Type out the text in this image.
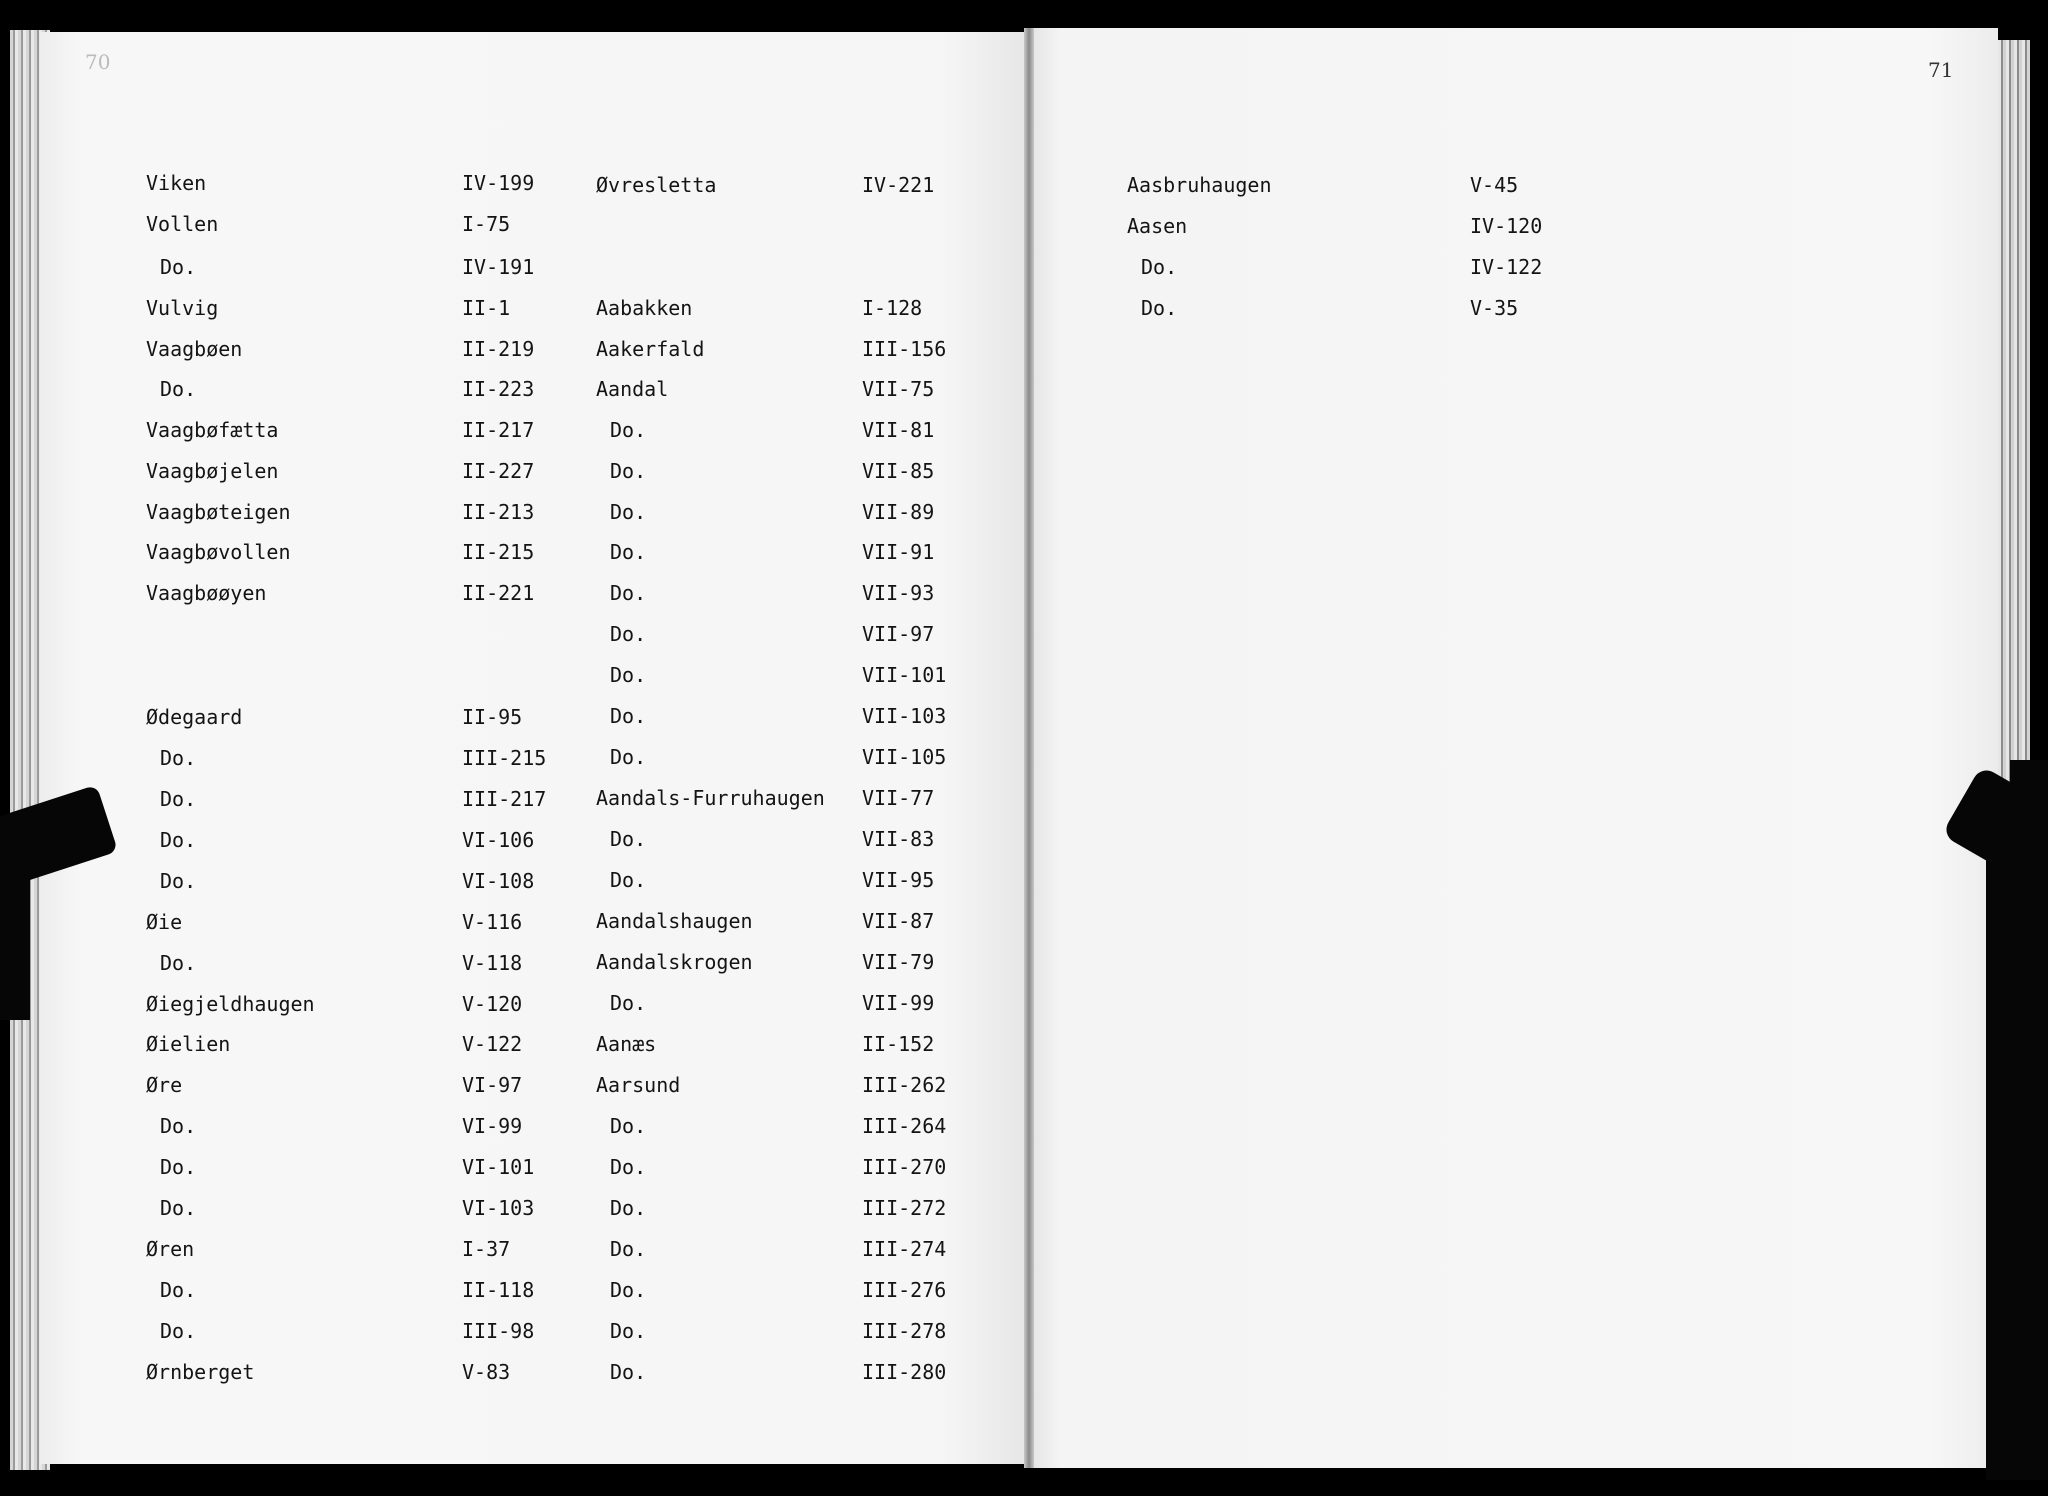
70	71

Viken	IV-199

Vollen	I-75

Do.	IV-191

Vulvig	II-1

Vaagbøen	II-219

Do.	II-223

Vaagbøfætta	II-217

Vaagbøjelen	II-227

Vaagbøteigen	II-213

Vaagbøvollen	II-215

Vaagbøøyen	II-221

Ødegaard	II-95

Do.	III-215

Do.	III-217

Do.	VI-106

Do.	VI-108

Øie	V-116

Do.	V-118

Øiegjeldhaugen	V-120

Øielien	V-122

Øre	VI-97

Do.	VI-99

Do.	VI-101

Do.	VI-103

Øren	I-37

Do.	II-118

Do.	III-98

Ørnberget	V-83

Øvresletta	IV-221

Aabakken	I-128

Aakerfald	III-156

Aandal	VII-75

Do.	VII-81

Do.	VII-85

Do.	VII-89

Do.	VII-91

Do.	VII-93

Do.	VII-97

Do.	VII-101

Do.	VII-103

Do.	VII-105

Aandals-Furruhaugen VII-77

Do.	VII-83

Do.	VII-95

Aandalshaugen	VII-87

Aandalskrogen	VII-79

Do.	VII-99

Aanæs	II-152

Aarsund	III-262

Do.	III-264

Do.	III-270

Do.	III-272

Do.	III-274

Do.	III-276

Do.	III-278

Do.	III-280

Aasbruhaugen	V-45

Aasen	IV-120

Do.	IV-122

Do.	V-35
